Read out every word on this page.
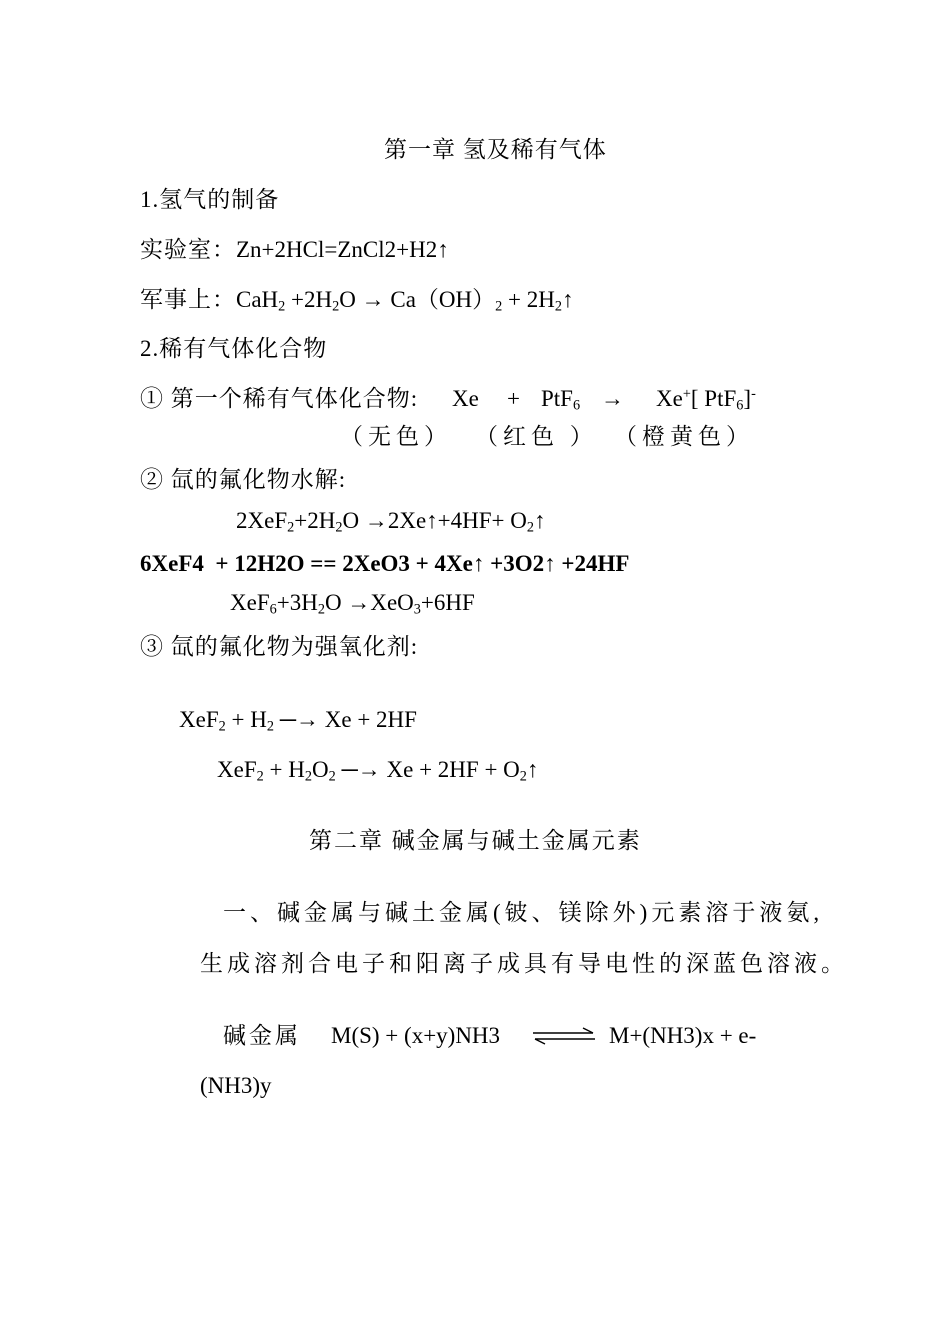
第一章 氢及稀有气体
1.氢气的制备
实验室：Zn+2HCl=ZnCl2+H2↑
军事上：$CaH_2 +2H_2O \to Ca(OH)_2$ + $2H_2↑$
2.稀有气体化合物
① 第一个稀有气体化合物: Xe + PtF$_6$ → Xe+[ PtF$_6$]-
（无色） （红色 ） （橙黄色）
② 氙的氟化物水解:
$2XeF_2+2H_2O$ →2Xe↑+4HF+ $O_2↑$
6XeF4  + 12H2O == 2XeO3 + 4Xe↑ +3O2↑ +24HF
$XeF_6+3H_2O \to XeO_3+6HF$
③ 氙的氟化物为强氧化剂:
$XeF_2 + H_2$ ─→ Xe + 2HF
$XeF_2 + H_2O_2$ ─→ $Xe + 2HF + O_2↑$
第二章 碱金属与碱土金属元素
一、碱金属与碱土金属(铍、镁除外)元素溶于液氨,
生成溶剂合电子和阳离子成具有导电性的深蓝色溶液。
碱金属 M(S) + (x+y)NH3 ⇌ M+(NH3)x + e-
(NH3)y
